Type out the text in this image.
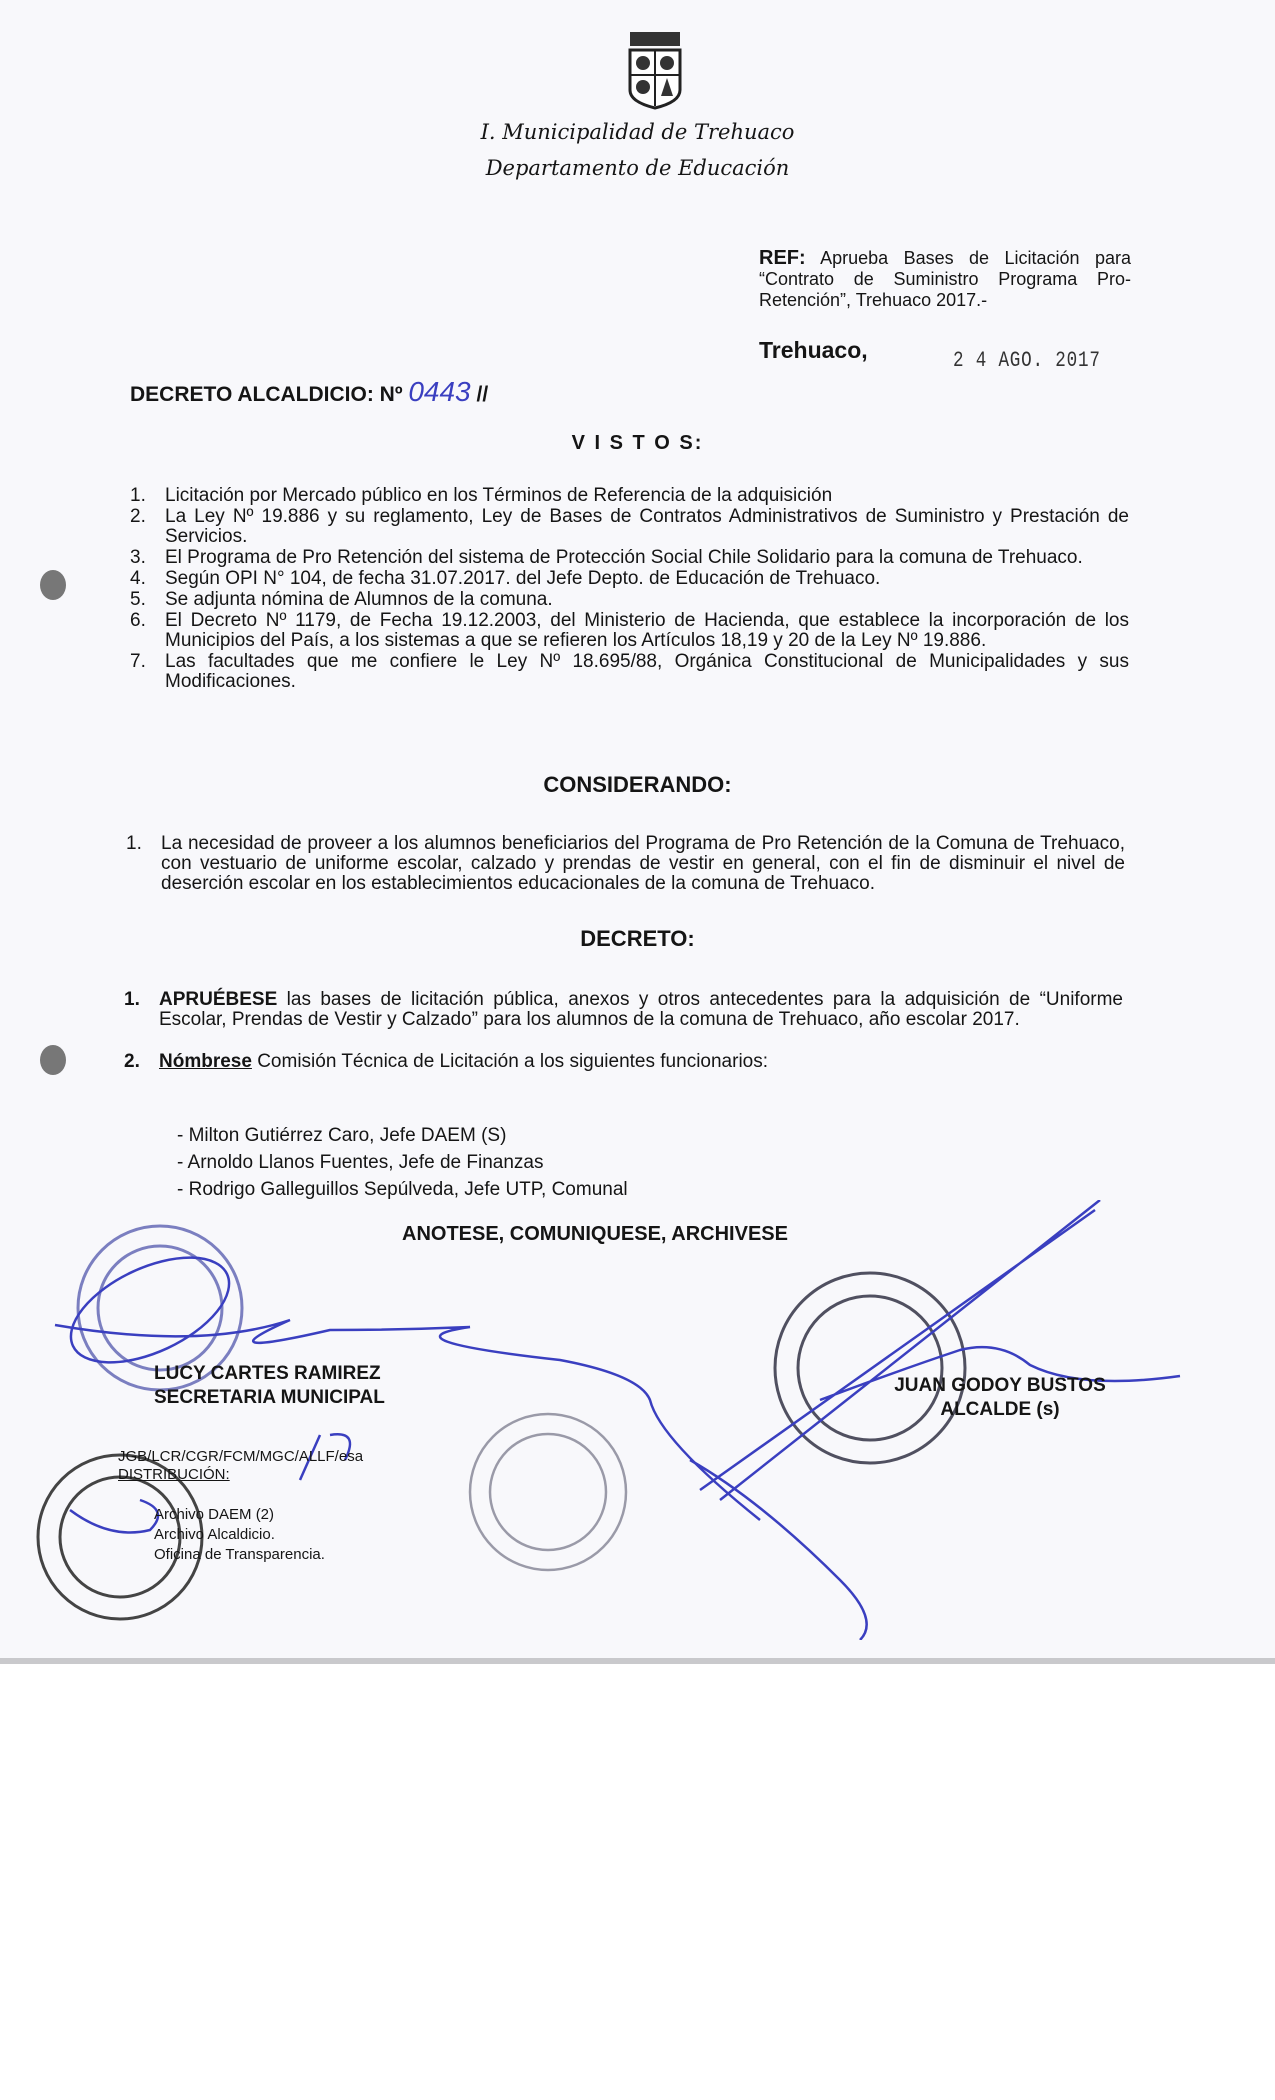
I. Municipalidad de Trehuaco
Departamento de Educación
REF: Aprueba Bases de Licitación para “Contrato de Suministro Programa Pro-Retención”, Trehuaco 2017.-
Trehuaco,	2 4 AGO. 2017
DECRETO ALCALDICIO: Nº 0443 //
V I S T O S:
1.	Licitación por Mercado público en los Términos de Referencia de la adquisición
2.	La Ley Nº 19.886 y su reglamento, Ley de Bases de Contratos Administrativos de Suministro y Prestación de Servicios.
3.	El Programa de Pro Retención del sistema de Protección Social Chile Solidario para la comuna de Trehuaco.
4.	Según OPI N° 104, de fecha 31.07.2017. del Jefe Depto. de Educación de Trehuaco.
5.	Se adjunta nómina de Alumnos de la comuna.
6.	El Decreto Nº 1179, de Fecha 19.12.2003, del Ministerio de Hacienda, que establece la incorporación de los Municipios del País, a los sistemas a que se refieren los Artículos 18,19 y 20 de la Ley Nº 19.886.
7.	Las facultades que me confiere le Ley Nº 18.695/88, Orgánica Constitucional de Municipalidades y sus Modificaciones.
CONSIDERANDO:
1.	La necesidad de proveer a los alumnos beneficiarios del Programa de Pro Retención de la Comuna de Trehuaco, con vestuario de uniforme escolar, calzado y prendas de vestir en general, con el fin de disminuir el nivel de deserción escolar en los establecimientos educacionales de la comuna de Trehuaco.
DECRETO:
1.	APRUÉBESE las bases de licitación pública, anexos y otros antecedentes para la adquisición de “Uniforme Escolar, Prendas de Vestir y Calzado” para los alumnos de la comuna de Trehuaco, año escolar 2017.
2.	Nómbrese Comisión Técnica de Licitación a los siguientes funcionarios:
- Milton Gutiérrez Caro, Jefe DAEM (S)
- Arnoldo Llanos Fuentes, Jefe de Finanzas
- Rodrigo Galleguillos Sepúlveda, Jefe UTP, Comunal
ANOTESE, COMUNIQUESE, ARCHIVESE
LUCY CARTES RAMIREZ
SECRETARIA MUNICIPAL
JUAN GODOY BUSTOS
ALCALDE (s)
JGB/LCR/CGR/FCM/MGC/ALLF/esa
DISTRIBUCIÓN:
Archivo DAEM (2)
Archivo Alcaldicio.
Oficina de Transparencia.
